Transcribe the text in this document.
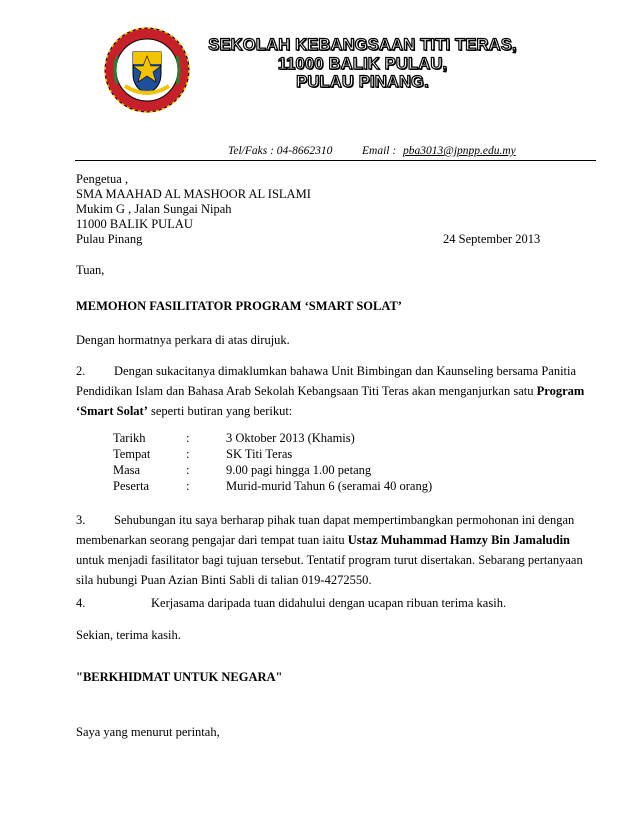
SEKOLAH KEBANGSAAN TITI TERAS,
11000 BALIK PULAU,
PULAU PINANG.
Tel/Faks : 04-8662310	Email : pba3013@jpnpp.edu.my
Pengetua ,
SMA MAAHAD AL MASHOOR AL ISLAMI
Mukim G , Jalan Sungai Nipah
11000 BALIK PULAU
Pulau Pinang	24 September 2013
Tuan,
MEMOHON FASILITATOR PROGRAM ‘SMART SOLAT’
Dengan hormatnya perkara di atas dirujuk.
2. Dengan sukacitanya dimaklumkan bahawa Unit Bimbingan dan Kaunseling bersama Panitia Pendidikan Islam dan Bahasa Arab Sekolah Kebangsaan Titi Teras akan menganjurkan satu Program ‘Smart Solat’ seperti butiran yang berikut:
Tarikh	:	3 Oktober 2013 (Khamis)
Tempat	:	SK Titi Teras
Masa	:	9.00 pagi hingga 1.00 petang
Peserta	:	Murid-murid Tahun 6 (seramai 40 orang)
3. Sehubungan itu saya berharap pihak tuan dapat mempertimbangkan permohonan ini dengan membenarkan seorang pengajar dari tempat tuan iaitu Ustaz Muhammad Hamzy Bin Jamaludin untuk menjadi fasilitator bagi tujuan tersebut. Tentatif program turut disertakan. Sebarang pertanyaan sila hubungi Puan Azian Binti Sabli di talian 019-4272550.
4.	Kerjasama daripada tuan didahului dengan ucapan ribuan terima kasih.
Sekian, terima kasih.
"BERKHIDMAT UNTUK NEGARA"
Saya yang menurut perintah,
